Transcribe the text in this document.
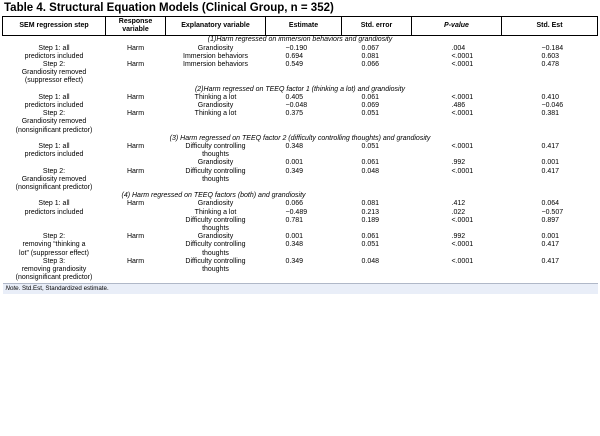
Table 4. Structural Equation Models (Clinical Group, n = 352)
SEM regression step	Response variable	Explanatory variable	Estimate	Std. error	P-value	Std. Est
(1)Harm regressed on immersion behaviors and grandiosity						
Step 1: all	Harm	Grandiosity	−0.190	0.067	.004	−0.184
predictors included		Immersion behaviors	0.694	0.081	<.0001	0.603
Step 2:	Harm	Immersion behaviors	0.549	0.066	<.0001	0.478
Grandiosity removed						
(suppressor effect)						
(2)Harm regressed on TEEQ factor 1 (thinking a lot) and grandiosity						
Step 1: all	Harm	Thinking a lot	0.405	0.061	<.0001	0.410
predictors included		Grandiosity	−0.048	0.069	.486	−0.046
Step 2:	Harm	Thinking a lot	0.375	0.051	<.0001	0.381
Grandiosity removed						
(nonsignificant predictor)						
(3) Harm regressed on TEEQ factor 2 (difficulty controlling thoughts) and grandiosity						
Step 1: all	Harm	Difficulty controlling	0.348	0.051	<.0001	0.417
predictors included		thoughts				
		Grandiosity	0.001	0.061	.992	0.001
Step 2:	Harm	Difficulty controlling	0.349	0.048	<.0001	0.417
Grandiosity removed		thoughts				
(nonsignificant predictor)						
(4) Harm regressed on TEEQ factors (both) and grandiosity						
Step 1: all	Harm	Grandiosity	0.066	0.081	.412	0.064
predictors included		Thinking a lot	−0.489	0.213	.022	−0.507
		Difficulty controlling	0.781	0.189	<.0001	0.897
		thoughts				
Step 2:	Harm	Grandiosity	0.001	0.061	.992	0.001
removing “thinking a		Difficulty controlling	0.348	0.051	<.0001	0.417
lot” (suppressor effect)		thoughts				
Step 3:	Harm	Difficulty controlling	0.349	0.048	<.0001	0.417
removing grandiosity		thoughts				
(nonsignificant predictor)						
Note. Std.Est, Standardized estimate.						
